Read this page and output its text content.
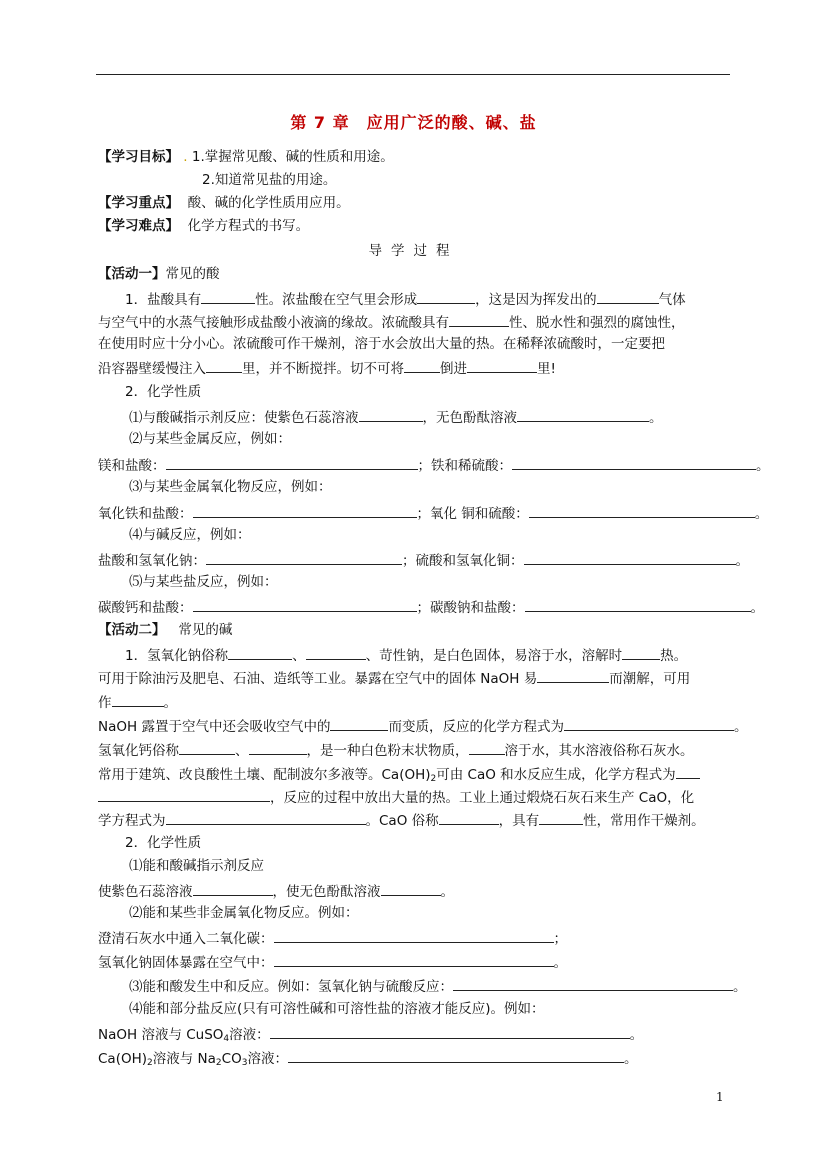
第 7 章　应用广泛的酸、碱、盐
【学习目标】 . 1.掌握常见酸、碱的性质和用途。
2.知道常见盐的用途。
【学习重点】 酸、碱的化学性质用应用。
【学习难点】 化学方程式的书写。
导学过程
【活动一】常见的酸
1．盐酸具有	性。浓盐酸在空气里会形成	，这是因为挥发出的	气体
与空气中的水蒸气接触形成盐酸小液滴的缘故。浓硫酸具有	性、脱水性和强烈的腐蚀性，
在使用时应十分小心。浓硫酸可作干燥剂，溶于水会放出大量的热。在稀释浓硫酸时，一定要把
沿容器壁缓慢注入	里，并不断搅拌。切不可将	倒进	里!
2．化学性质
⑴与酸碱指示剂反应：使紫色石蕊溶液	，无色酚酞溶液	。
⑵与某些金属反应，例如：
镁和盐酸：	；铁和稀硫酸：	。
⑶与某些金属氧化物反应，例如：
氧化铁和盐酸：	；氧化 铜和硫酸：	。
⑷与碱反应，例如：
盐酸和氢氧化钠：	；硫酸和氢氧化铜：	。
⑸与某些盐反应，例如：
碳酸钙和盐酸：	；碳酸钠和盐酸：	。
【活动二】 常见的碱
1．氢氧化钠俗称	、	、苛性钠，是白色固体，易溶于水，溶解时	热。
可用于除油污及肥皂、石油、造纸等工业。暴露在空气中的固体 NaOH 易	而潮解，可用
作	。
NaOH 露置于空气中还会吸收空气中的	而变质，反应的化学方程式为	。
氢氧化钙俗称	、	，是一种白色粉末状物质，	溶于水，其水溶液俗称石灰水。
常用于建筑、改良酸性土壤、配制波尔多液等。$Ca(OH)_2$可由 CaO 和水反应生成，化学方程式为
，反应的过程中放出大量的热。工业上通过煅烧石灰石来生产 CaO，化
学方程式为	。CaO 俗称	，具有	性，常用作干燥剂。
2．化学性质
⑴能和酸碱指示剂反应
使紫色石蕊溶液	，使无色酚酞溶液	。
⑵能和某些非金属氧化物反应。例如：
澄清石灰水中通入二氧化碳：	；
氢氧化钠固体暴露在空气中：	。
⑶能和酸发生中和反应。例如：氢氧化钠与硫酸反应：	。
⑷能和部分盐反应(只有可溶性碱和可溶性盐的溶液才能反应)。例如：
NaOH 溶液与 CuSO$_4$溶液：	。
$Ca(OH)_2$溶液与 $Na_2CO_3$溶液：	。
1
